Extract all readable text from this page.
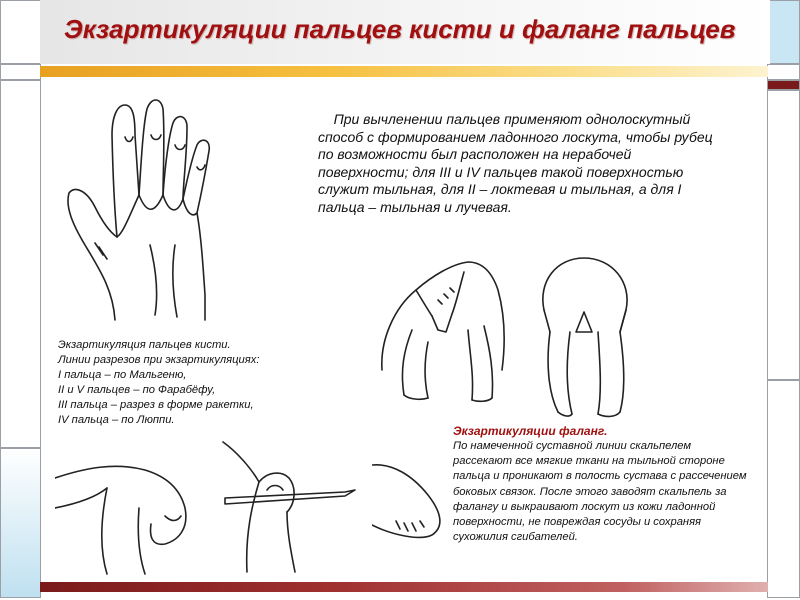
Экзартикуляции пальцев кисти и фаланг пальцев
При вычленении пальцев применяют однолоскутный способ с формированием ладонного лоскута, чтобы рубец по возможности был расположен на нерабочей поверхности; для III и IV пальцев такой поверхностью служит тыльная, для II – локтевая и тыльная, а для I пальца – тыльная и лучевая.
Экзартикуляция пальцев кисти.
Линии разрезов при экзартикуляциях:
I пальца – по Мальгеню,
II и V пальцев – по Фарабёфу,
III пальца – разрез в форме ракетки,
IV пальца – по Люппи.
Экзартикуляции фаланг.
По намеченной суставной линии скальпелем рассекают все мягкие ткани на тыльной стороне пальца и проникают в полость сустава с рассечением боковых связок. После этого заводят скальпель за фалангу и выкраивают лоскут из кожи ладонной поверхности, не повреждая сосуды и сохраняя сухожилия сгибателей.
